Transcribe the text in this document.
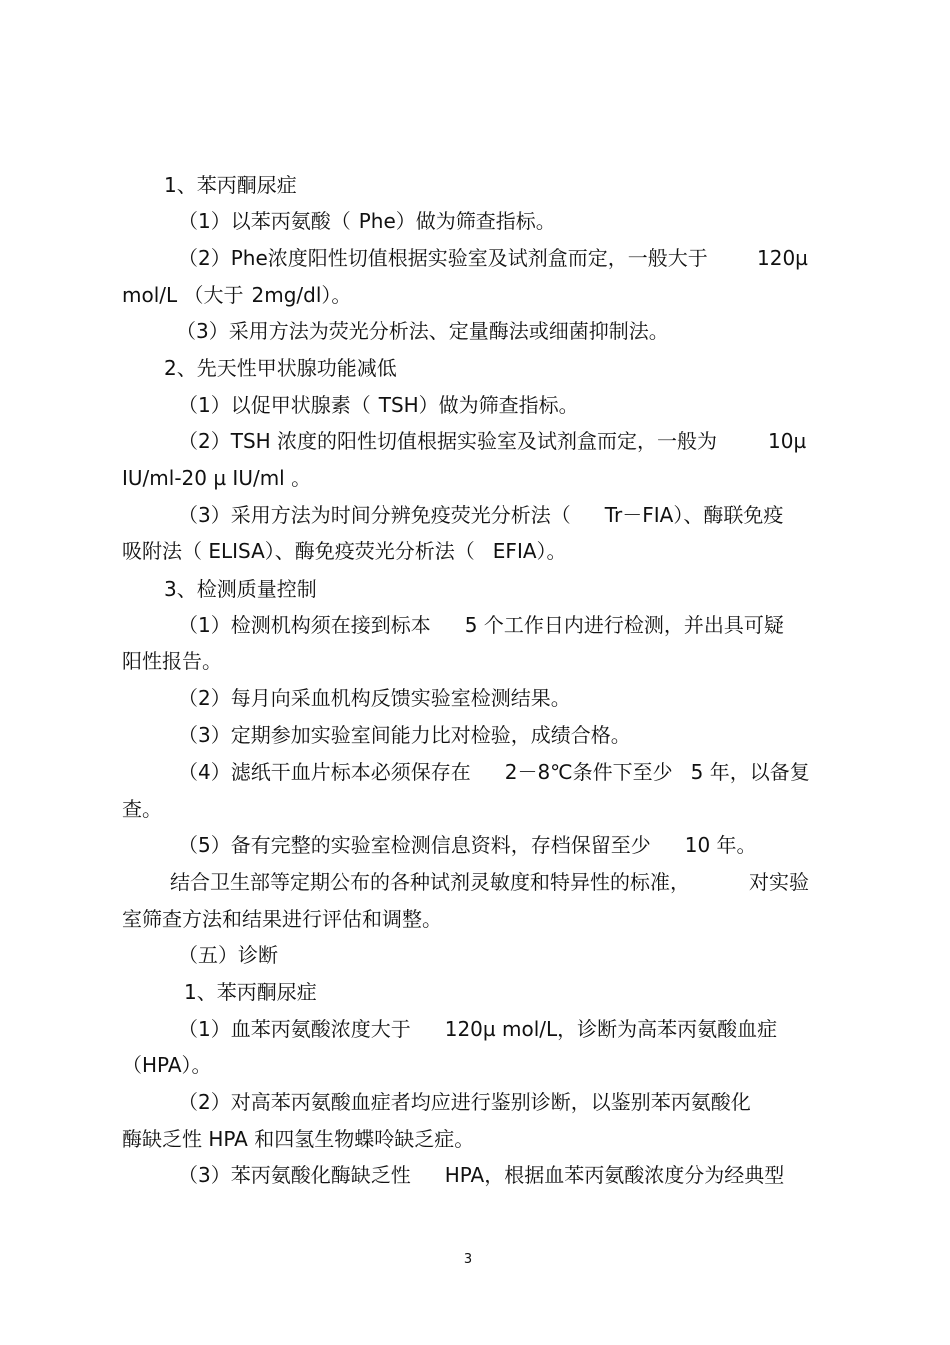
1、苯丙酮尿症
（1）以苯丙氨酸（ Phe）做为筛查指标。
（2）Phe浓度阳性切值根据实验室及试剂盒而定，一般大于 120µ
mol/L （大于 2mg/dl）。
（3）采用方法为荧光分析法、定量酶法或细菌抑制法。
2、先天性甲状腺功能减低
（1）以促甲状腺素（ TSH）做为筛查指标。
（2）TSH 浓度的阳性切值根据实验室及试剂盒而定，一般为	10µ
IU/ml-20 µ IU/ml 。
（3）采用方法为时间分辨免疫荧光分析法（ Tr－FIA）、酶联免疫
吸附法（ ELISA）、酶免疫荧光分析法（ EFIA）。
3、检测质量控制
（1）检测机构须在接到标本 5 个工作日内进行检测，并出具可疑
阳性报告。
（2）每月向采血机构反馈实验室检测结果。
（3）定期参加实验室间能力比对检验，成绩合格。
（4）滤纸干血片标本必须保存在 2－8℃条件下至少 5 年，以备复
查。
（5）备有完整的实验室检测信息资料，存档保留至少 10 年。
结合卫生部等定期公布的各种试剂灵敏度和特异性的标准，	对实验
室筛查方法和结果进行评估和调整。
（五）诊断
1、苯丙酮尿症
（1）血苯丙氨酸浓度大于 120µ mol/L，诊断为高苯丙氨酸血症
（HPA）。
（2）对高苯丙氨酸血症者均应进行鉴别诊断，以鉴别苯丙氨酸化
酶缺乏性 HPA 和四氢生物蝶呤缺乏症。
（3）苯丙氨酸化酶缺乏性 HPA，根据血苯丙氨酸浓度分为经典型
3
